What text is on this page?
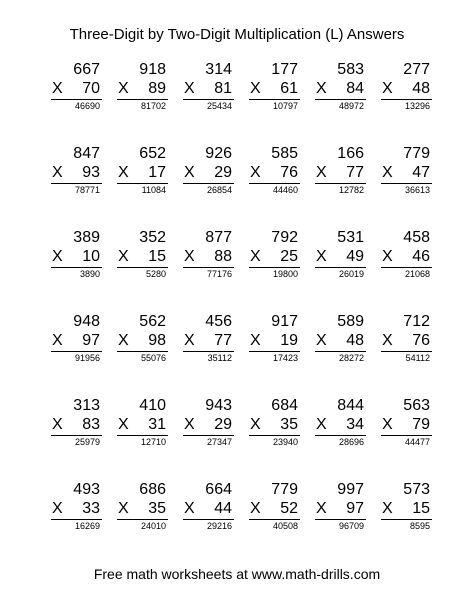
Three-Digit by Two-Digit Multiplication (L) Answers
667
X 70
46690
918
X 89
81702
314
X 81
25434
177
X 61
10797
583
X 84
48972
277
X 48
13296
847
X 93
78771
652
X 17
11084
926
X 29
26854
585
X 76
44460
166
X 77
12782
779
X 47
36613
389
X 10
3890
352
X 15
5280
877
X 88
77176
792
X 25
19800
531
X 49
26019
458
X 46
21068
948
X 97
91956
562
X 98
55076
456
X 77
35112
917
X 19
17423
589
X 48
28272
712
X 76
54112
313
X 83
25979
410
X 31
12710
943
X 29
27347
684
X 35
23940
844
X 34
28696
563
X 79
44477
493
X 33
16269
686
X 35
24010
664
X 44
29216
779
X 52
40508
997
X 97
96709
573
X 15
8595
Free math worksheets at www.math-drills.com
